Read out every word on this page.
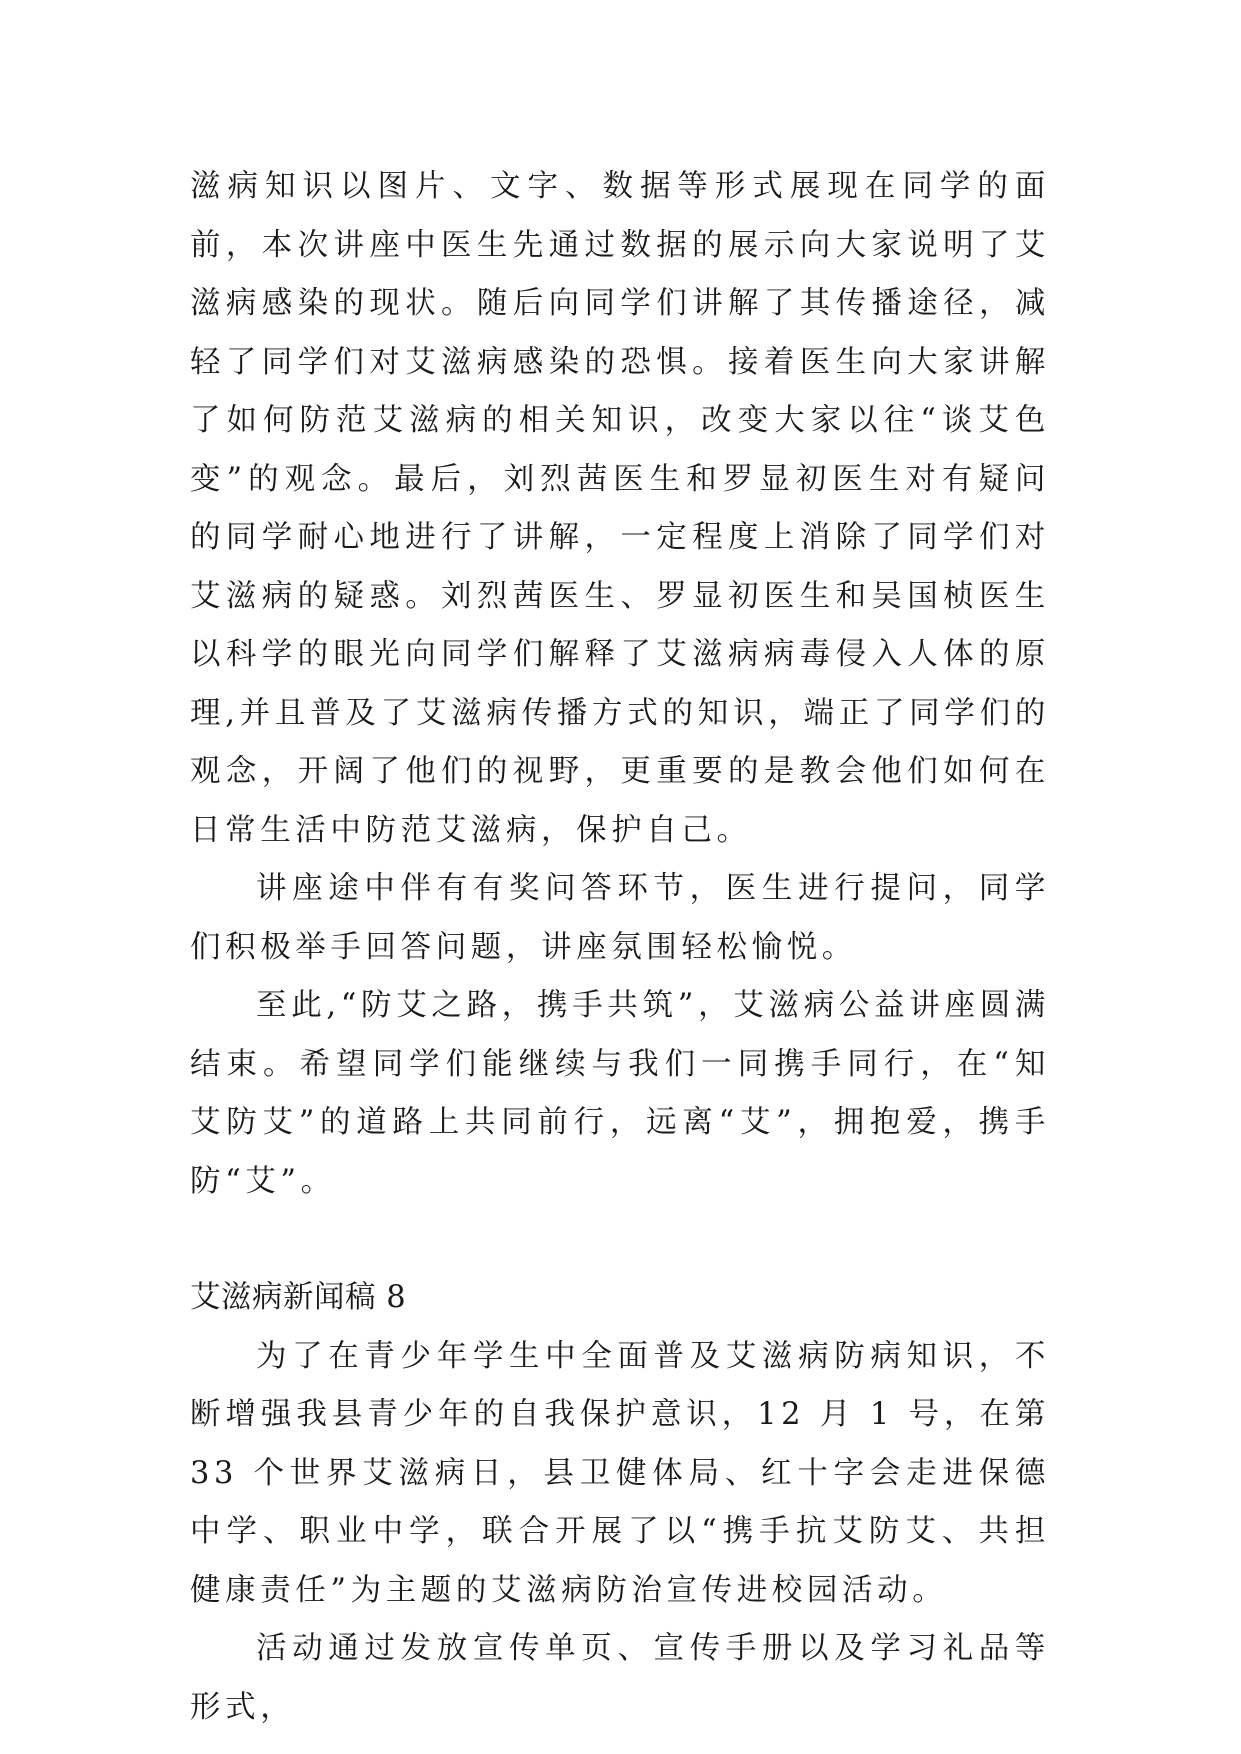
滋病知识以图片、文字、数据等形式展现在同学的面前，本次讲座中医生先通过数据的展示向大家说明了艾滋病感染的现状。随后向同学们讲解了其传播途径，减轻了同学们对艾滋病感染的恐惧。接着医生向大家讲解了如何防范艾滋病的相关知识，改变大家以往“谈艾色变”的观念。最后，刘烈茜医生和罗显初医生对有疑问的同学耐心地进行了讲解，一定程度上消除了同学们对艾滋病的疑惑。刘烈茜医生、罗显初医生和吴国桢医生以科学的眼光向同学们解释了艾滋病病毒侵入人体的原理,并且普及了艾滋病传播方式的知识，端正了同学们的观念，开阔了他们的视野，更重要的是教会他们如何在日常生活中防范艾滋病，保护自己。

讲座途中伴有有奖问答环节，医生进行提问，同学们积极举手回答问题，讲座氛围轻松愉悦。

至此,“防艾之路，携手共筑”，艾滋病公益讲座圆满结束。希望同学们能继续与我们一同携手同行，在“知艾防艾”的道路上共同前行，远离“艾”，拥抱爱，携手防“艾”。

艾滋病新闻稿 8

为了在青少年学生中全面普及艾滋病防病知识，不断增强我县青少年的自我保护意识，12 月 1 号，在第 33 个世界艾滋病日，县卫健体局、红十字会走进保德中学、职业中学，联合开展了以“携手抗艾防艾、共担健康责任”为主题的艾滋病防治宣传进校园活动。

活动通过发放宣传单页、宣传手册以及学习礼品等形式，
